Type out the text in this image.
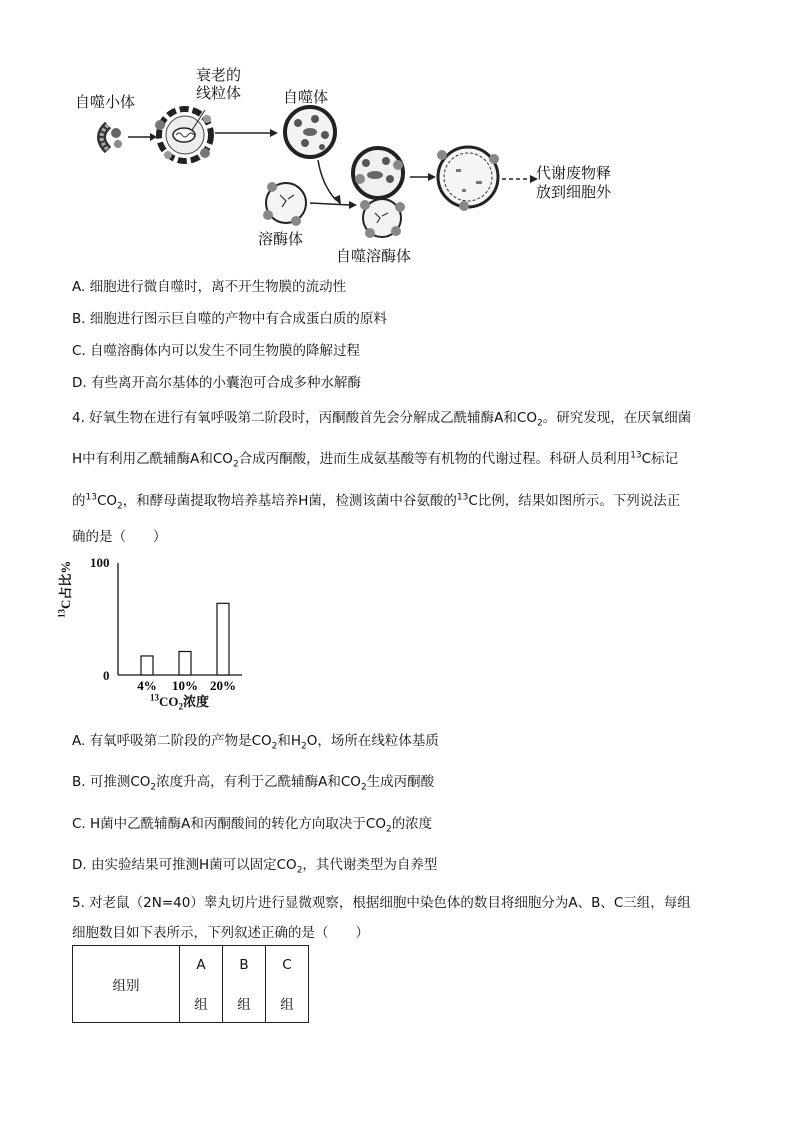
自噬小体
衰老的
线粒体	自噬体
溶酶体
自噬溶酶体
代谢废物释
放到细胞外
A. 细胞进行微自噬时，离不开生物膜的流动性
B. 细胞进行图示巨自噬的产物中有合成蛋白质的原料
C. 自噬溶酶体内可以发生不同生物膜的降解过程
D. 有些离开高尔基体的小囊泡可合成多种水解酶
4. 好氧生物在进行有氧呼吸第二阶段时，丙酮酸首先会分解成乙酰辅酶A和$CO_2$。研究发现，在厌氧细菌
H中有利用乙酰辅酶A和$CO_2$合成丙酮酸，进而生成氨基酸等有机物的代谢过程。科研人员利用$^{13}$C标记
的$^{13}CO_2$，和酵母菌提取物培养基培养H菌，检测该菌中谷氨酸的$^{13}$C比例，结果如图所示。下列说法正
确的是（　　）
4% 10% 20%
100
0
$^{13}$C占比%
$^{13}CO_2$浓度
A. 有氧呼吸第二阶段的产物是$CO_2$和$H_2O$，场所在线粒体基质
B. 可推测$CO_2$浓度升高，有利于乙酰辅酶A和$CO_2$生成丙酮酸
C. H菌中乙酰辅酶A和丙酮酸间的转化方向取决于$CO_2$的浓度
D. 由实验结果可推测H菌可以固定$CO_2$，其代谢类型为自养型
5. 对老鼠（2N=40）睾丸切片进行显微观察，根据细胞中染色体的数目将细胞分为A、B、C三组，每组
细胞数目如下表所示，下列叙述正确的是（　　）
组别	A	B	C
	组	组	组
